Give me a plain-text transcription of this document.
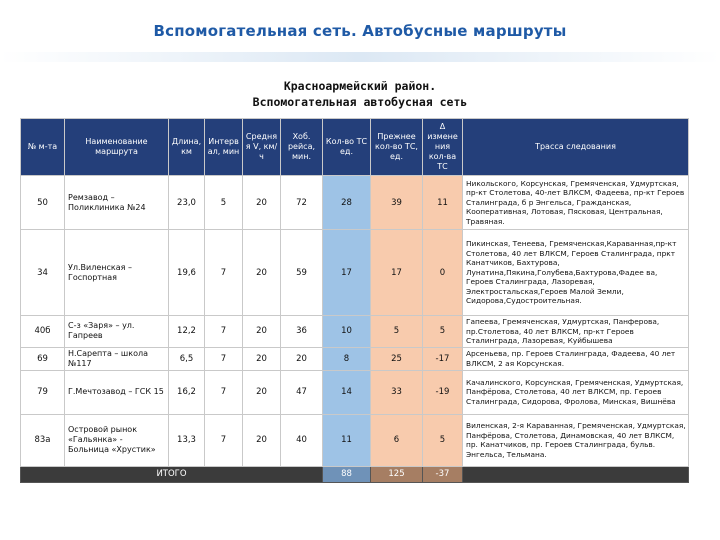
Вспомогательная сеть. Автобусные маршруты
Красноармейский район.
Вспомогательная автобусная сеть
№ м-та	Наименование маршрута	Длина, км	Интерв ал, мин	Средня я V, км/ч	Хоб. рейса, мин.	Кол-во ТС ед.	Прежнее кол-во ТС, ед.	Δ измене ния кол-ва ТС	Трасса следования
50	Ремзавод – Поликлиника №24	23,0	5	20	72	28	39	11	Никольского, Корсунская, Гремяченская, Удмуртская, пр-кт Столетова, 40-лет ВЛКСМ, Фадеева, пр-кт Героев Сталинграда, б р Энгельса, Гражданская, Кооперативная, Лотовая, Пясковая, Центральная, Травяная.
34	Ул.Виленская – Госпортная	19,6	7	20	59	17	17	0	Пикинская, Тенеева, Гремяченская,Караванная,пр-кт Столетова, 40 лет ВЛКСМ, Героев Сталинграда, пркт Канатчиков, Бахтурова, Лунатина,Пякина,Голубева,Бахтурова,Фадее ва, Героев Сталинграда, Лазоревая, Электростальская,Героев Малой Земли, Сидорова,Судостроительная.
40б	С-з «Заря» – ул. Гапреев	12,2	7	20	36	10	5	5	Гапеева, Гремяченская, Удмуртская, Панферова, пр.Столетова, 40 лет ВЛКСМ, пр-кт Героев Сталинграда, Лазоревая, Куйбышева
69	Н.Сарепта – школа №117	6,5	7	20	20	8	25	-17	Арсеньева, пр. Героев Сталинграда, Фадеева, 40 лет ВЛКСМ, 2 ая Корсунская.
79	Г.Мечтозавод – ГСК 15	16,2	7	20	47	14	33	-19	Качалинского, Корсунская, Гремяченская, Удмуртская, Панфёрова, Столетова, 40 лет ВЛКСМ, пр. Героев Сталинграда, Сидорова, Фролова, Минская, Вишнёва
83а	Островой рынок «Гальянка» - Больница «Хрустик»	13,3	7	20	40	11	6	5	Виленская, 2-я Караванная, Гремяченская, Удмуртская, Панфёрова, Столетова, Динамовская, 40 лет ВЛКСМ, пр. Канатчиков, пр. Героев Сталинграда, бульв. Энгельса, Тельмана.
ИТОГО						88	125	-37	
